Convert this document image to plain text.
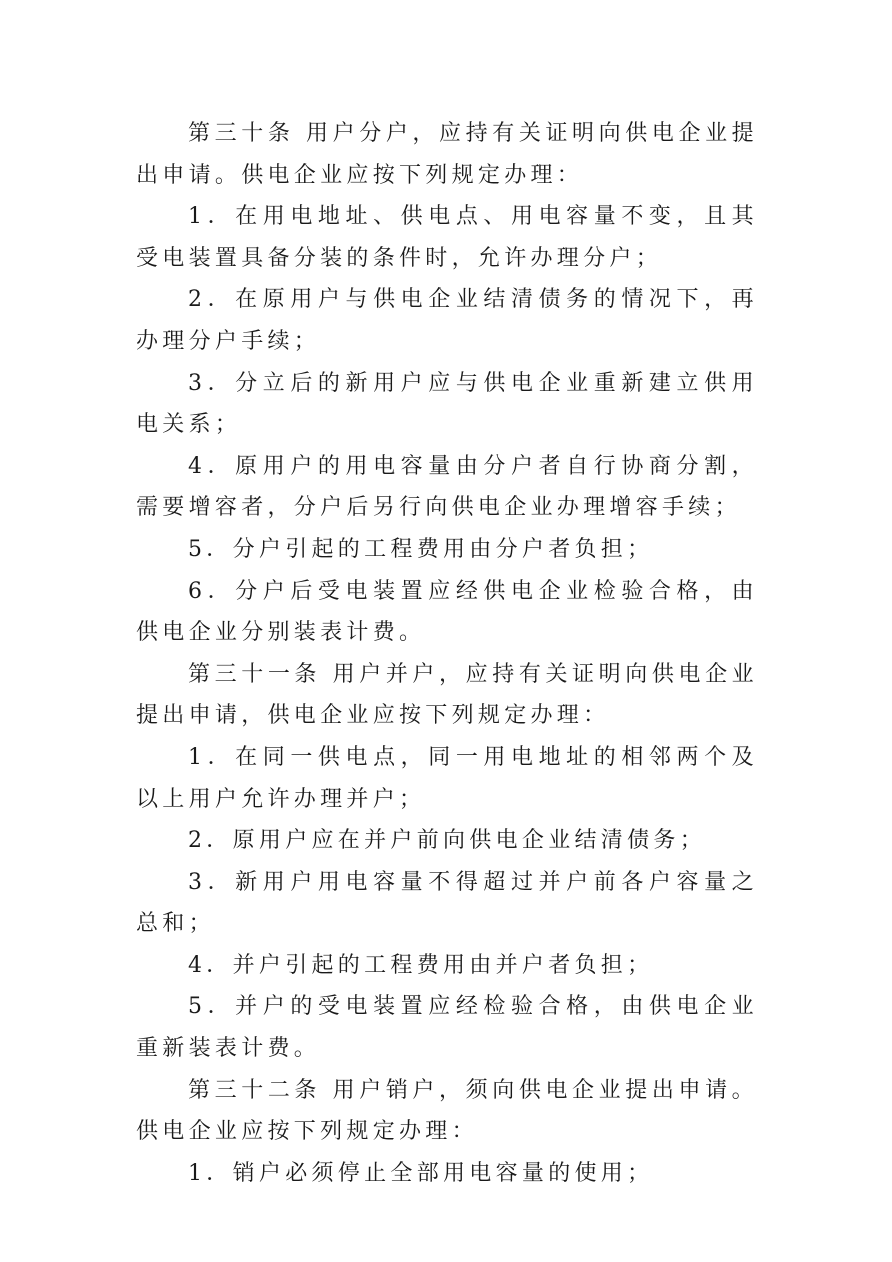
第三十条 用户分户，应持有关证明向供电企业提出申请。供电企业应按下列规定办理：

1．在用电地址、供电点、用电容量不变，且其受电装置具备分装的条件时，允许办理分户；

2．在原用户与供电企业结清债务的情况下，再办理分户手续；

3．分立后的新用户应与供电企业重新建立供用电关系；

4．原用户的用电容量由分户者自行协商分割，需要增容者，分户后另行向供电企业办理增容手续；

5．分户引起的工程费用由分户者负担；

6．分户后受电装置应经供电企业检验合格，由供电企业分别装表计费。

第三十一条 用户并户，应持有关证明向供电企业提出申请，供电企业应按下列规定办理：

1．在同一供电点，同一用电地址的相邻两个及以上用户允许办理并户；

2．原用户应在并户前向供电企业结清债务；

3．新用户用电容量不得超过并户前各户容量之总和；

4．并户引起的工程费用由并户者负担；

5．并户的受电装置应经检验合格，由供电企业重新装表计费。

第三十二条 用户销户，须向供电企业提出申请。供电企业应按下列规定办理：

1．销户必须停止全部用电容量的使用；
